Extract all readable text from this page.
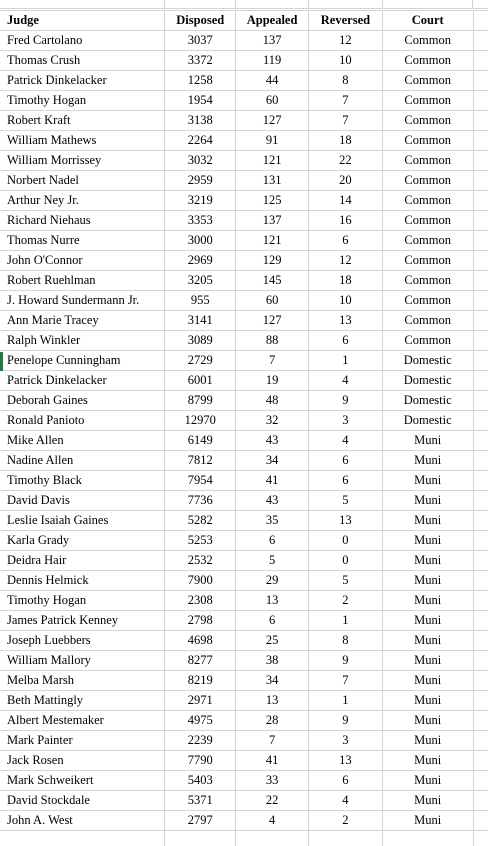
Judge	Disposed	Appealed	Reversed	Court	
Fred Cartolano	3037	137	12	Common	
Thomas Crush	3372	119	10	Common	
Patrick Dinkelacker	1258	44	8	Common	
Timothy Hogan	1954	60	7	Common	
Robert Kraft	3138	127	7	Common	
William Mathews	2264	91	18	Common	
William Morrissey	3032	121	22	Common	
Norbert Nadel	2959	131	20	Common	
Arthur Ney Jr.	3219	125	14	Common	
Richard Niehaus	3353	137	16	Common	
Thomas Nurre	3000	121	6	Common	
John O'Connor	2969	129	12	Common	
Robert Ruehlman	3205	145	18	Common	
J. Howard Sundermann Jr.	955	60	10	Common	
Ann Marie Tracey	3141	127	13	Common	
Ralph Winkler	3089	88	6	Common	
Penelope Cunningham	2729	7	1	Domestic	
Patrick Dinkelacker	6001	19	4	Domestic	
Deborah Gaines	8799	48	9	Domestic	
Ronald Panioto	12970	32	3	Domestic	
Mike Allen	6149	43	4	Muni	
Nadine Allen	7812	34	6	Muni	
Timothy Black	7954	41	6	Muni	
David Davis	7736	43	5	Muni	
Leslie Isaiah Gaines	5282	35	13	Muni	
Karla Grady	5253	6	0	Muni	
Deidra Hair	2532	5	0	Muni	
Dennis Helmick	7900	29	5	Muni	
Timothy Hogan	2308	13	2	Muni	
James Patrick Kenney	2798	6	1	Muni	
Joseph Luebbers	4698	25	8	Muni	
William Mallory	8277	38	9	Muni	
Melba Marsh	8219	34	7	Muni	
Beth Mattingly	2971	13	1	Muni	
Albert Mestemaker	4975	28	9	Muni	
Mark Painter	2239	7	3	Muni	
Jack Rosen	7790	41	13	Muni	
Mark Schweikert	5403	33	6	Muni	
David Stockdale	5371	22	4	Muni	
John A. West	2797	4	2	Muni	
